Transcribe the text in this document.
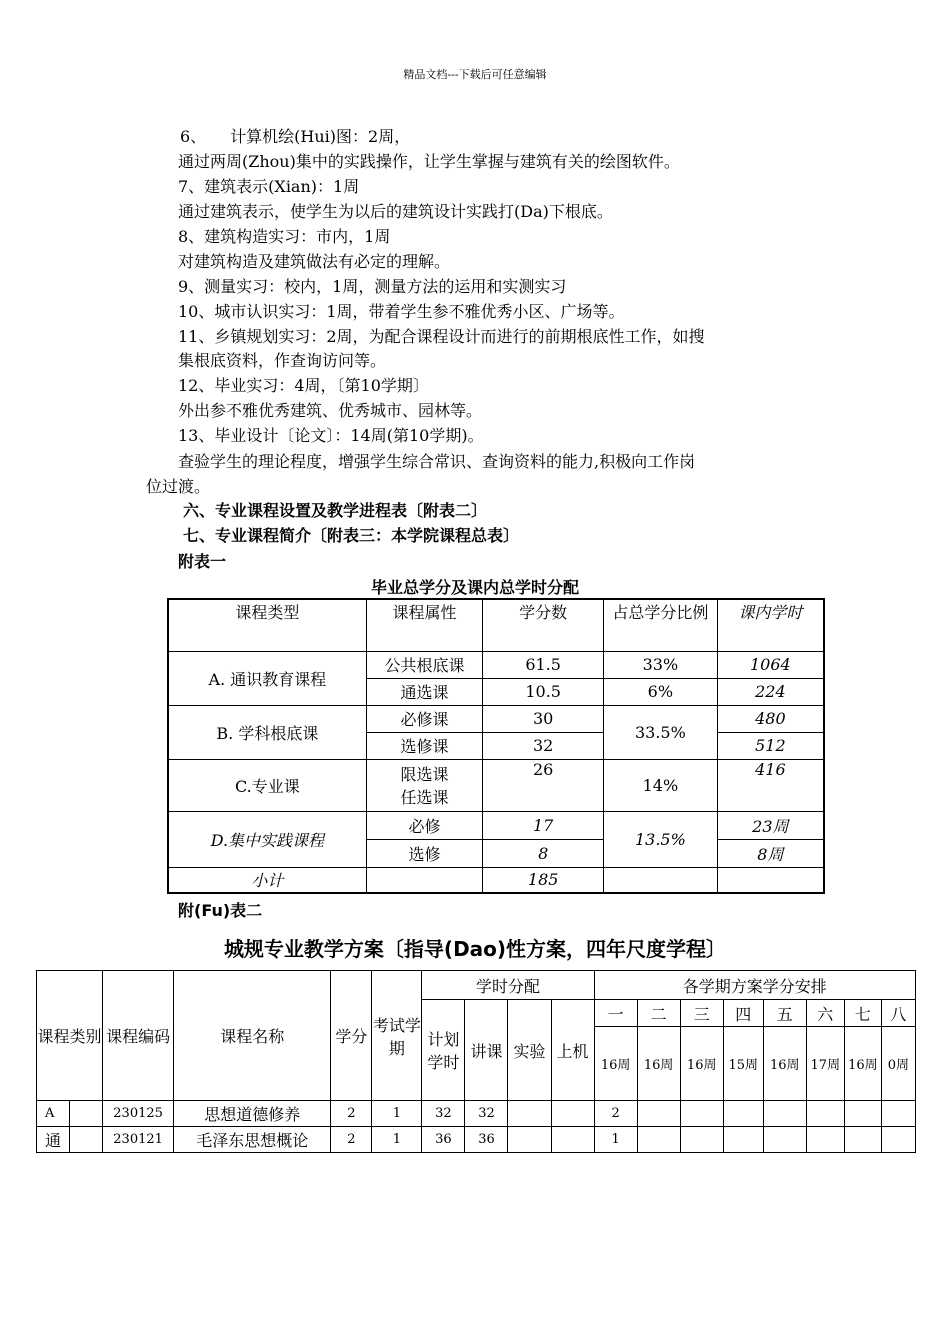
精品文档---下载后可任意编辑
6、　　计算机绘(Hui)图：2周，
通过两周(Zhou)集中的实践操作，让学生掌握与建筑有关的绘图软件。
7、建筑表示(Xian)：1周
通过建筑表示，使学生为以后的建筑设计实践打(Da)下根底。
8、建筑构造实习：市内，1周
对建筑构造及建筑做法有必定的理解。
9、测量实习：校内，1周，测量方法的运用和实测实习
10、城市认识实习：1周，带着学生参不雅优秀小区、广场等。
11、乡镇规划实习：2周，为配合课程设计而进行的前期根底性工作，如搜
集根底资料，作查询访问等。
12、毕业实习：4周，〔第10学期〕
外出参不雅优秀建筑、优秀城市、园林等。
13、毕业设计〔论文〕：14周(第10学期)。
查验学生的理论程度，增强学生综合常识、查询资料的能力,积极向工作岗
位过渡。
六、专业课程设置及教学进程表〔附表二〕
七、专业课程简介〔附表三：本学院课程总表〕
附表一
毕业总学分及课内总学时分配
课程类型	课程属性	学分数	占总学分比例	课内学时
A. 通识教育课程	公共根底课	61.5	33%	1064
	通选课	10.5	6%	224
B. 学科根底课	必修课	30	33.5%	480
	选修课	32		512
C.专业课	限选课
任选课	26	14%	416
D.集中实践课程	必修	17	13.5%	23周
	选修	8		8周
小计		185		
附(Fu)表二
城规专业教学方案〔指导(Dao)性方案，四年尺度学程〕
课程类别		课程编码	课程名称	学分	考试学期	学时分配				各学期方案学分安排							
						计划学时	讲课	实验	上机	一	二	三	四	五	六	七	八
										16周	16周	16周	15周	16周	17周	16周	0周
A		230125	思想道德修养	2	1	32	32			2							
通		230121	毛泽东思想概论	2	1	36	36			1							
